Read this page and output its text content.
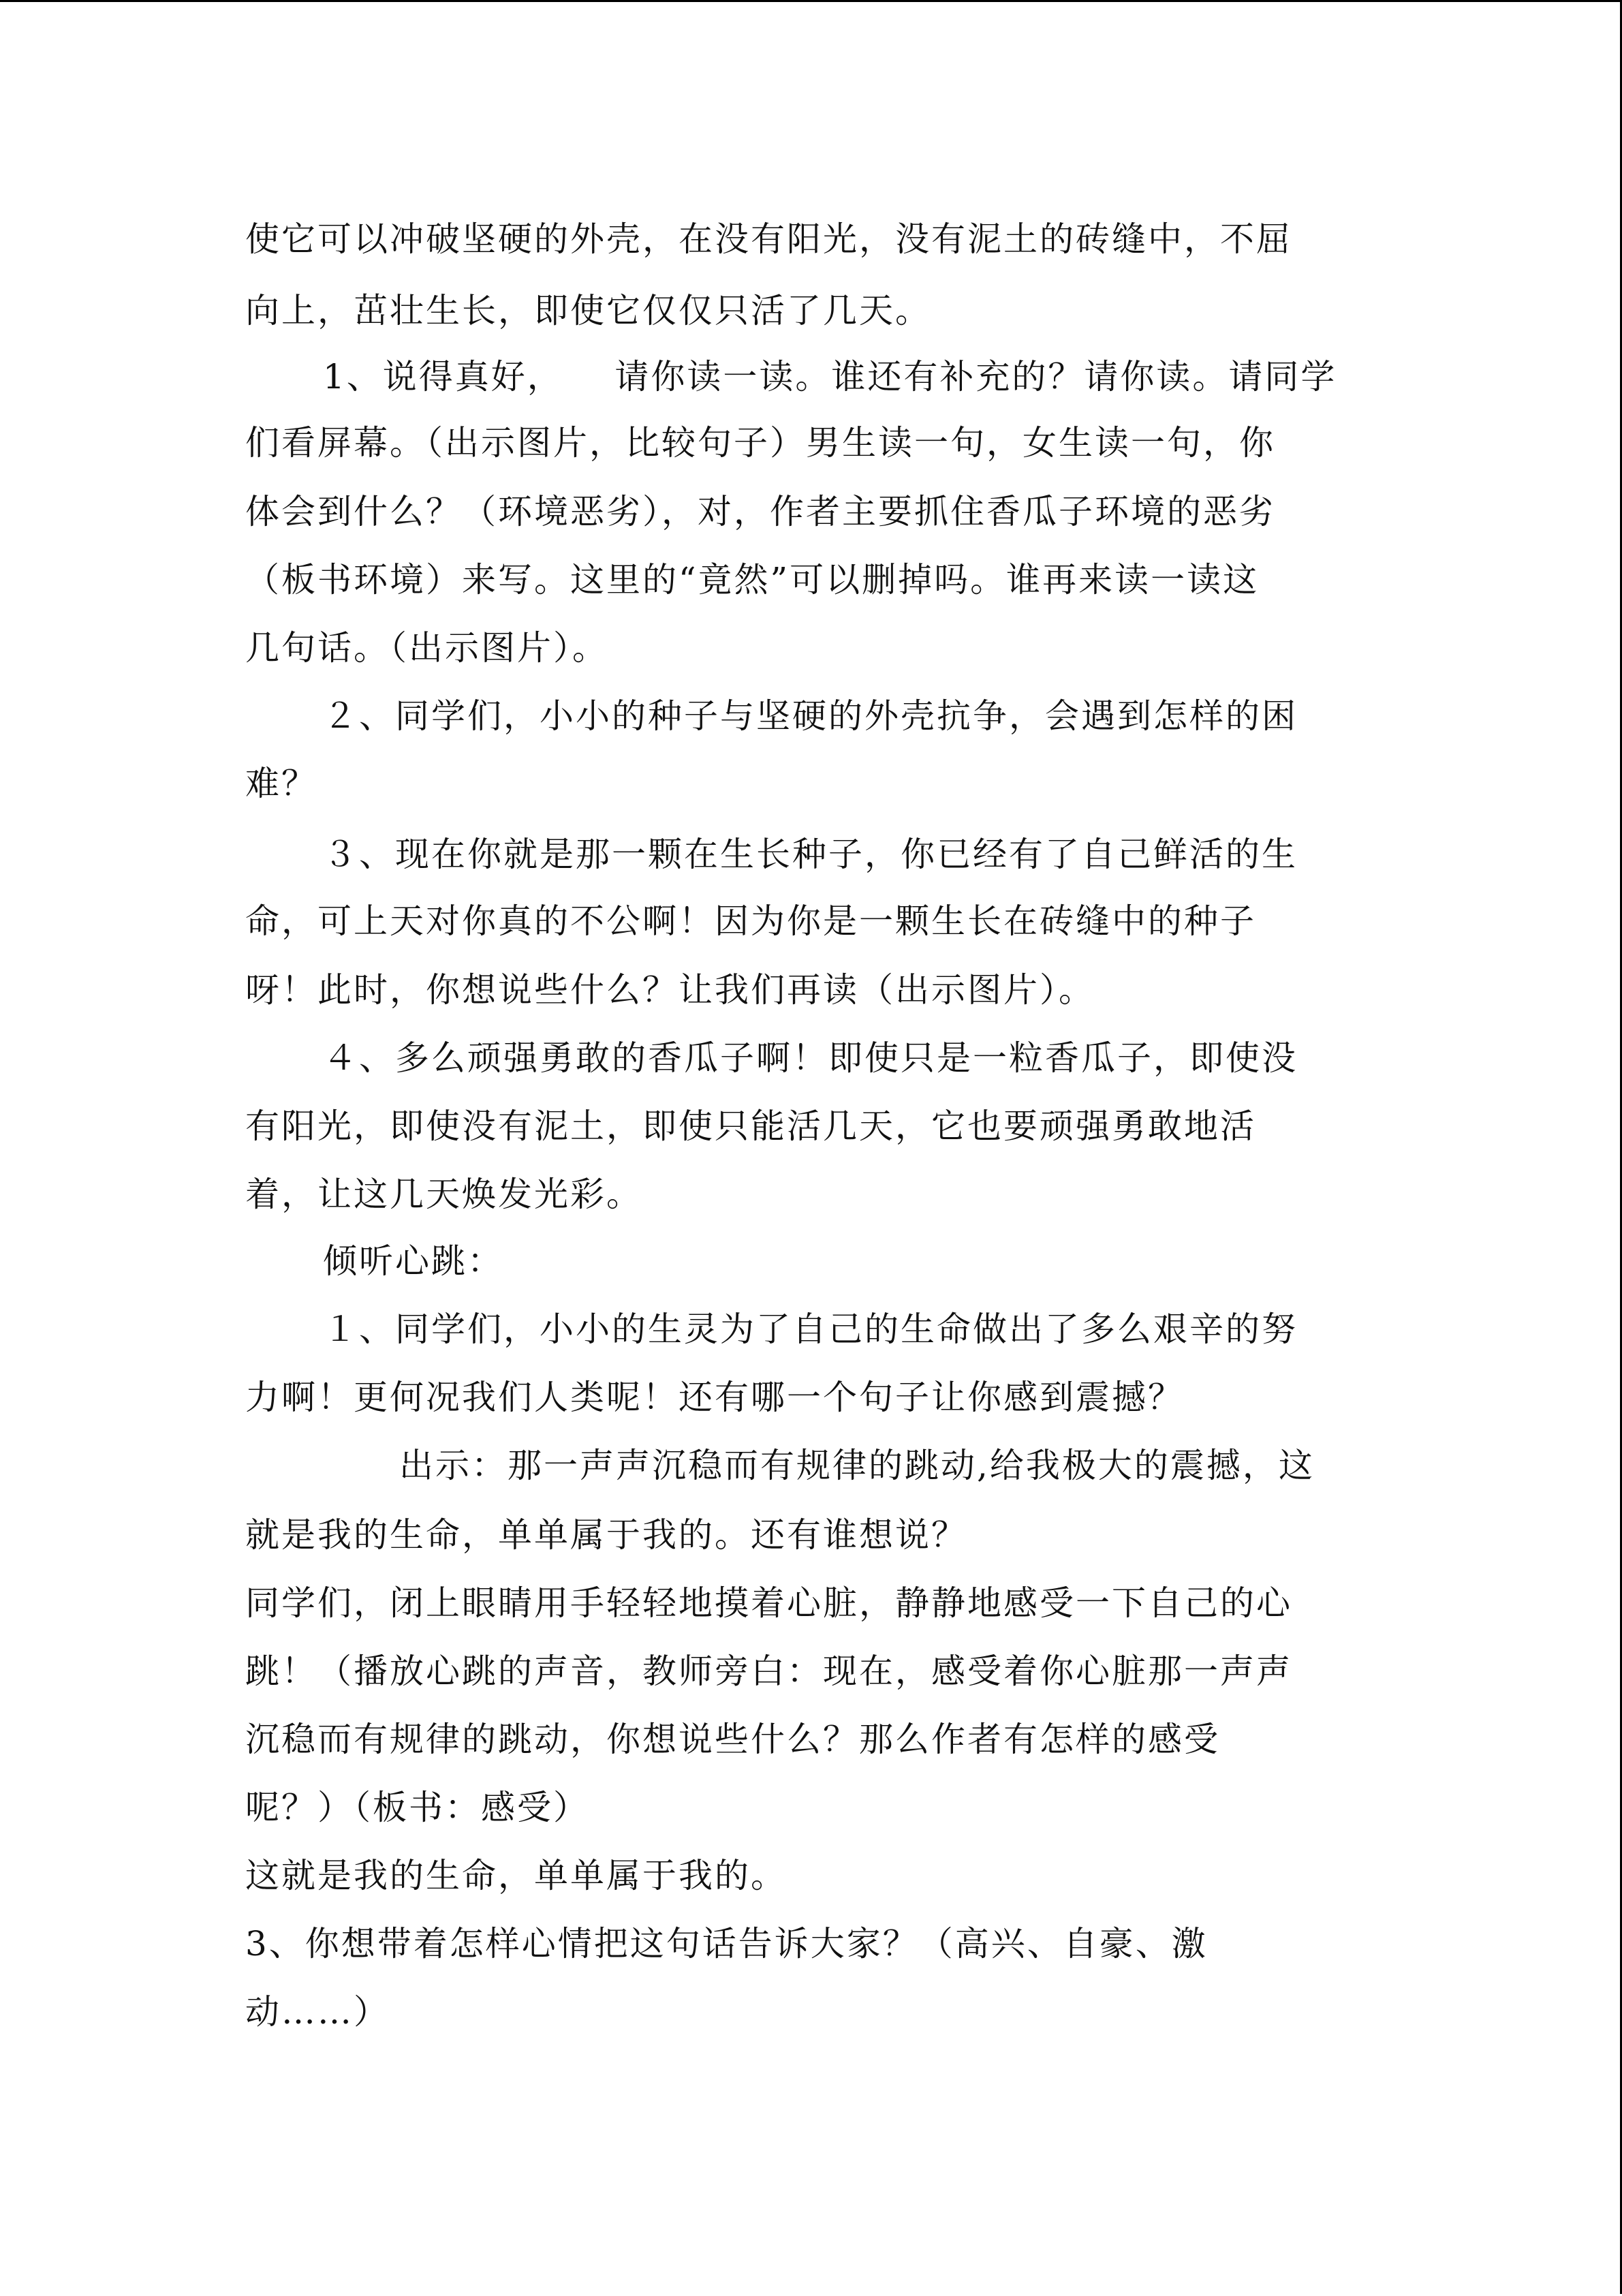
使它可以冲破坚硬的外壳，在没有阳光，没有泥土的砖缝中，不屈
向上，茁壮生长，即使它仅仅只活了几天。
1、说得真好，    请你读一读。谁还有补充的？请你读。请同学
们看屏幕。（出示图片，比较句子）男生读一句，女生读一句，你
体会到什么？（环境恶劣），对，作者主要抓住香瓜子环境的恶劣
（板书环境）来写。这里的“竟然”可以删掉吗。谁再来读一读这
几句话。（出示图片）。
２、同学们，小小的种子与坚硬的外壳抗争，会遇到怎样的困
难？
３、现在你就是那一颗在生长种子，你已经有了自己鲜活的生
命，可上天对你真的不公啊！因为你是一颗生长在砖缝中的种子
呀！此时，你想说些什么？让我们再读（出示图片）。
４、多么顽强勇敢的香瓜子啊！即使只是一粒香瓜子，即使没
有阳光，即使没有泥土，即使只能活几天，它也要顽强勇敢地活
着，让这几天焕发光彩。
倾听心跳：
１、同学们，小小的生灵为了自己的生命做出了多么艰辛的努
力啊！更何况我们人类呢！还有哪一个句子让你感到震撼？
出示：那一声声沉稳而有规律的跳动,给我极大的震撼，这
就是我的生命，单单属于我的。还有谁想说？
同学们，闭上眼睛用手轻轻地摸着心脏，静静地感受一下自己的心
跳！（播放心跳的声音，教师旁白：现在，感受着你心脏那一声声
沉稳而有规律的跳动，你想说些什么？那么作者有怎样的感受
呢？）（板书：感受）
这就是我的生命，单单属于我的。
3、你想带着怎样心情把这句话告诉大家？（高兴、自豪、激
动……）
